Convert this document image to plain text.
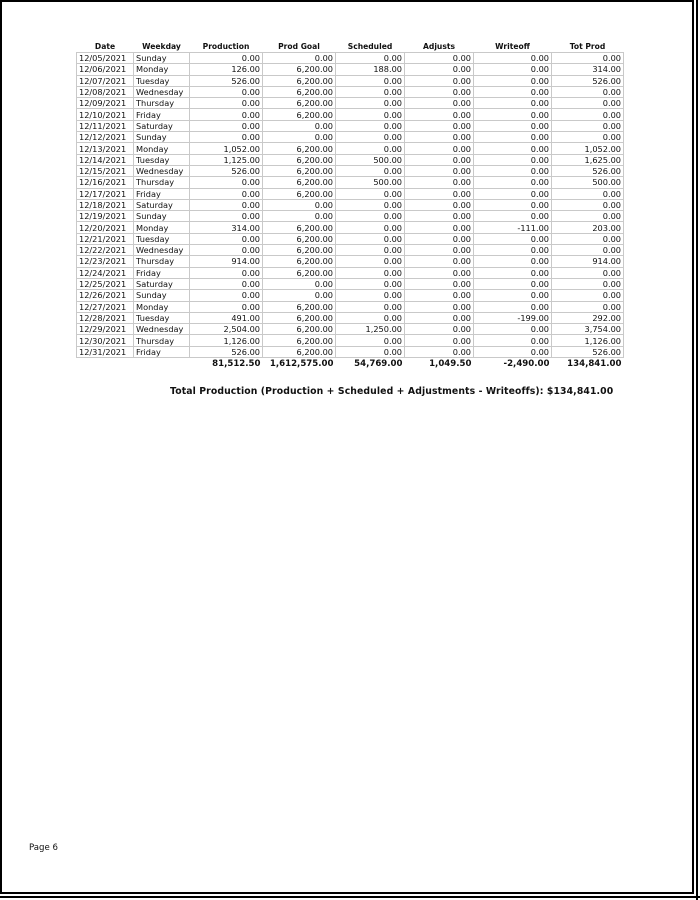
Date	Weekday	Production	Prod Goal	Scheduled	Adjusts	Writeoff	Tot Prod
12/05/2021	Sunday	0.00	0.00	0.00	0.00	0.00	0.00
12/06/2021	Monday	126.00	6,200.00	188.00	0.00	0.00	314.00
12/07/2021	Tuesday	526.00	6,200.00	0.00	0.00	0.00	526.00
12/08/2021	Wednesday	0.00	6,200.00	0.00	0.00	0.00	0.00
12/09/2021	Thursday	0.00	6,200.00	0.00	0.00	0.00	0.00
12/10/2021	Friday	0.00	6,200.00	0.00	0.00	0.00	0.00
12/11/2021	Saturday	0.00	0.00	0.00	0.00	0.00	0.00
12/12/2021	Sunday	0.00	0.00	0.00	0.00	0.00	0.00
12/13/2021	Monday	1,052.00	6,200.00	0.00	0.00	0.00	1,052.00
12/14/2021	Tuesday	1,125.00	6,200.00	500.00	0.00	0.00	1,625.00
12/15/2021	Wednesday	526.00	6,200.00	0.00	0.00	0.00	526.00
12/16/2021	Thursday	0.00	6,200.00	500.00	0.00	0.00	500.00
12/17/2021	Friday	0.00	6,200.00	0.00	0.00	0.00	0.00
12/18/2021	Saturday	0.00	0.00	0.00	0.00	0.00	0.00
12/19/2021	Sunday	0.00	0.00	0.00	0.00	0.00	0.00
12/20/2021	Monday	314.00	6,200.00	0.00	0.00	-111.00	203.00
12/21/2021	Tuesday	0.00	6,200.00	0.00	0.00	0.00	0.00
12/22/2021	Wednesday	0.00	6,200.00	0.00	0.00	0.00	0.00
12/23/2021	Thursday	914.00	6,200.00	0.00	0.00	0.00	914.00
12/24/2021	Friday	0.00	6,200.00	0.00	0.00	0.00	0.00
12/25/2021	Saturday	0.00	0.00	0.00	0.00	0.00	0.00
12/26/2021	Sunday	0.00	0.00	0.00	0.00	0.00	0.00
12/27/2021	Monday	0.00	6,200.00	0.00	0.00	0.00	0.00
12/28/2021	Tuesday	491.00	6,200.00	0.00	0.00	-199.00	292.00
12/29/2021	Wednesday	2,504.00	6,200.00	1,250.00	0.00	0.00	3,754.00
12/30/2021	Thursday	1,126.00	6,200.00	0.00	0.00	0.00	1,126.00
12/31/2021	Friday	526.00	6,200.00	0.00	0.00	0.00	526.00
		81,512.50	1,612,575.00	54,769.00	1,049.50	-2,490.00	134,841.00
Total Production (Production + Scheduled + Adjustments - Writeoffs): $134,841.00
Page 6
